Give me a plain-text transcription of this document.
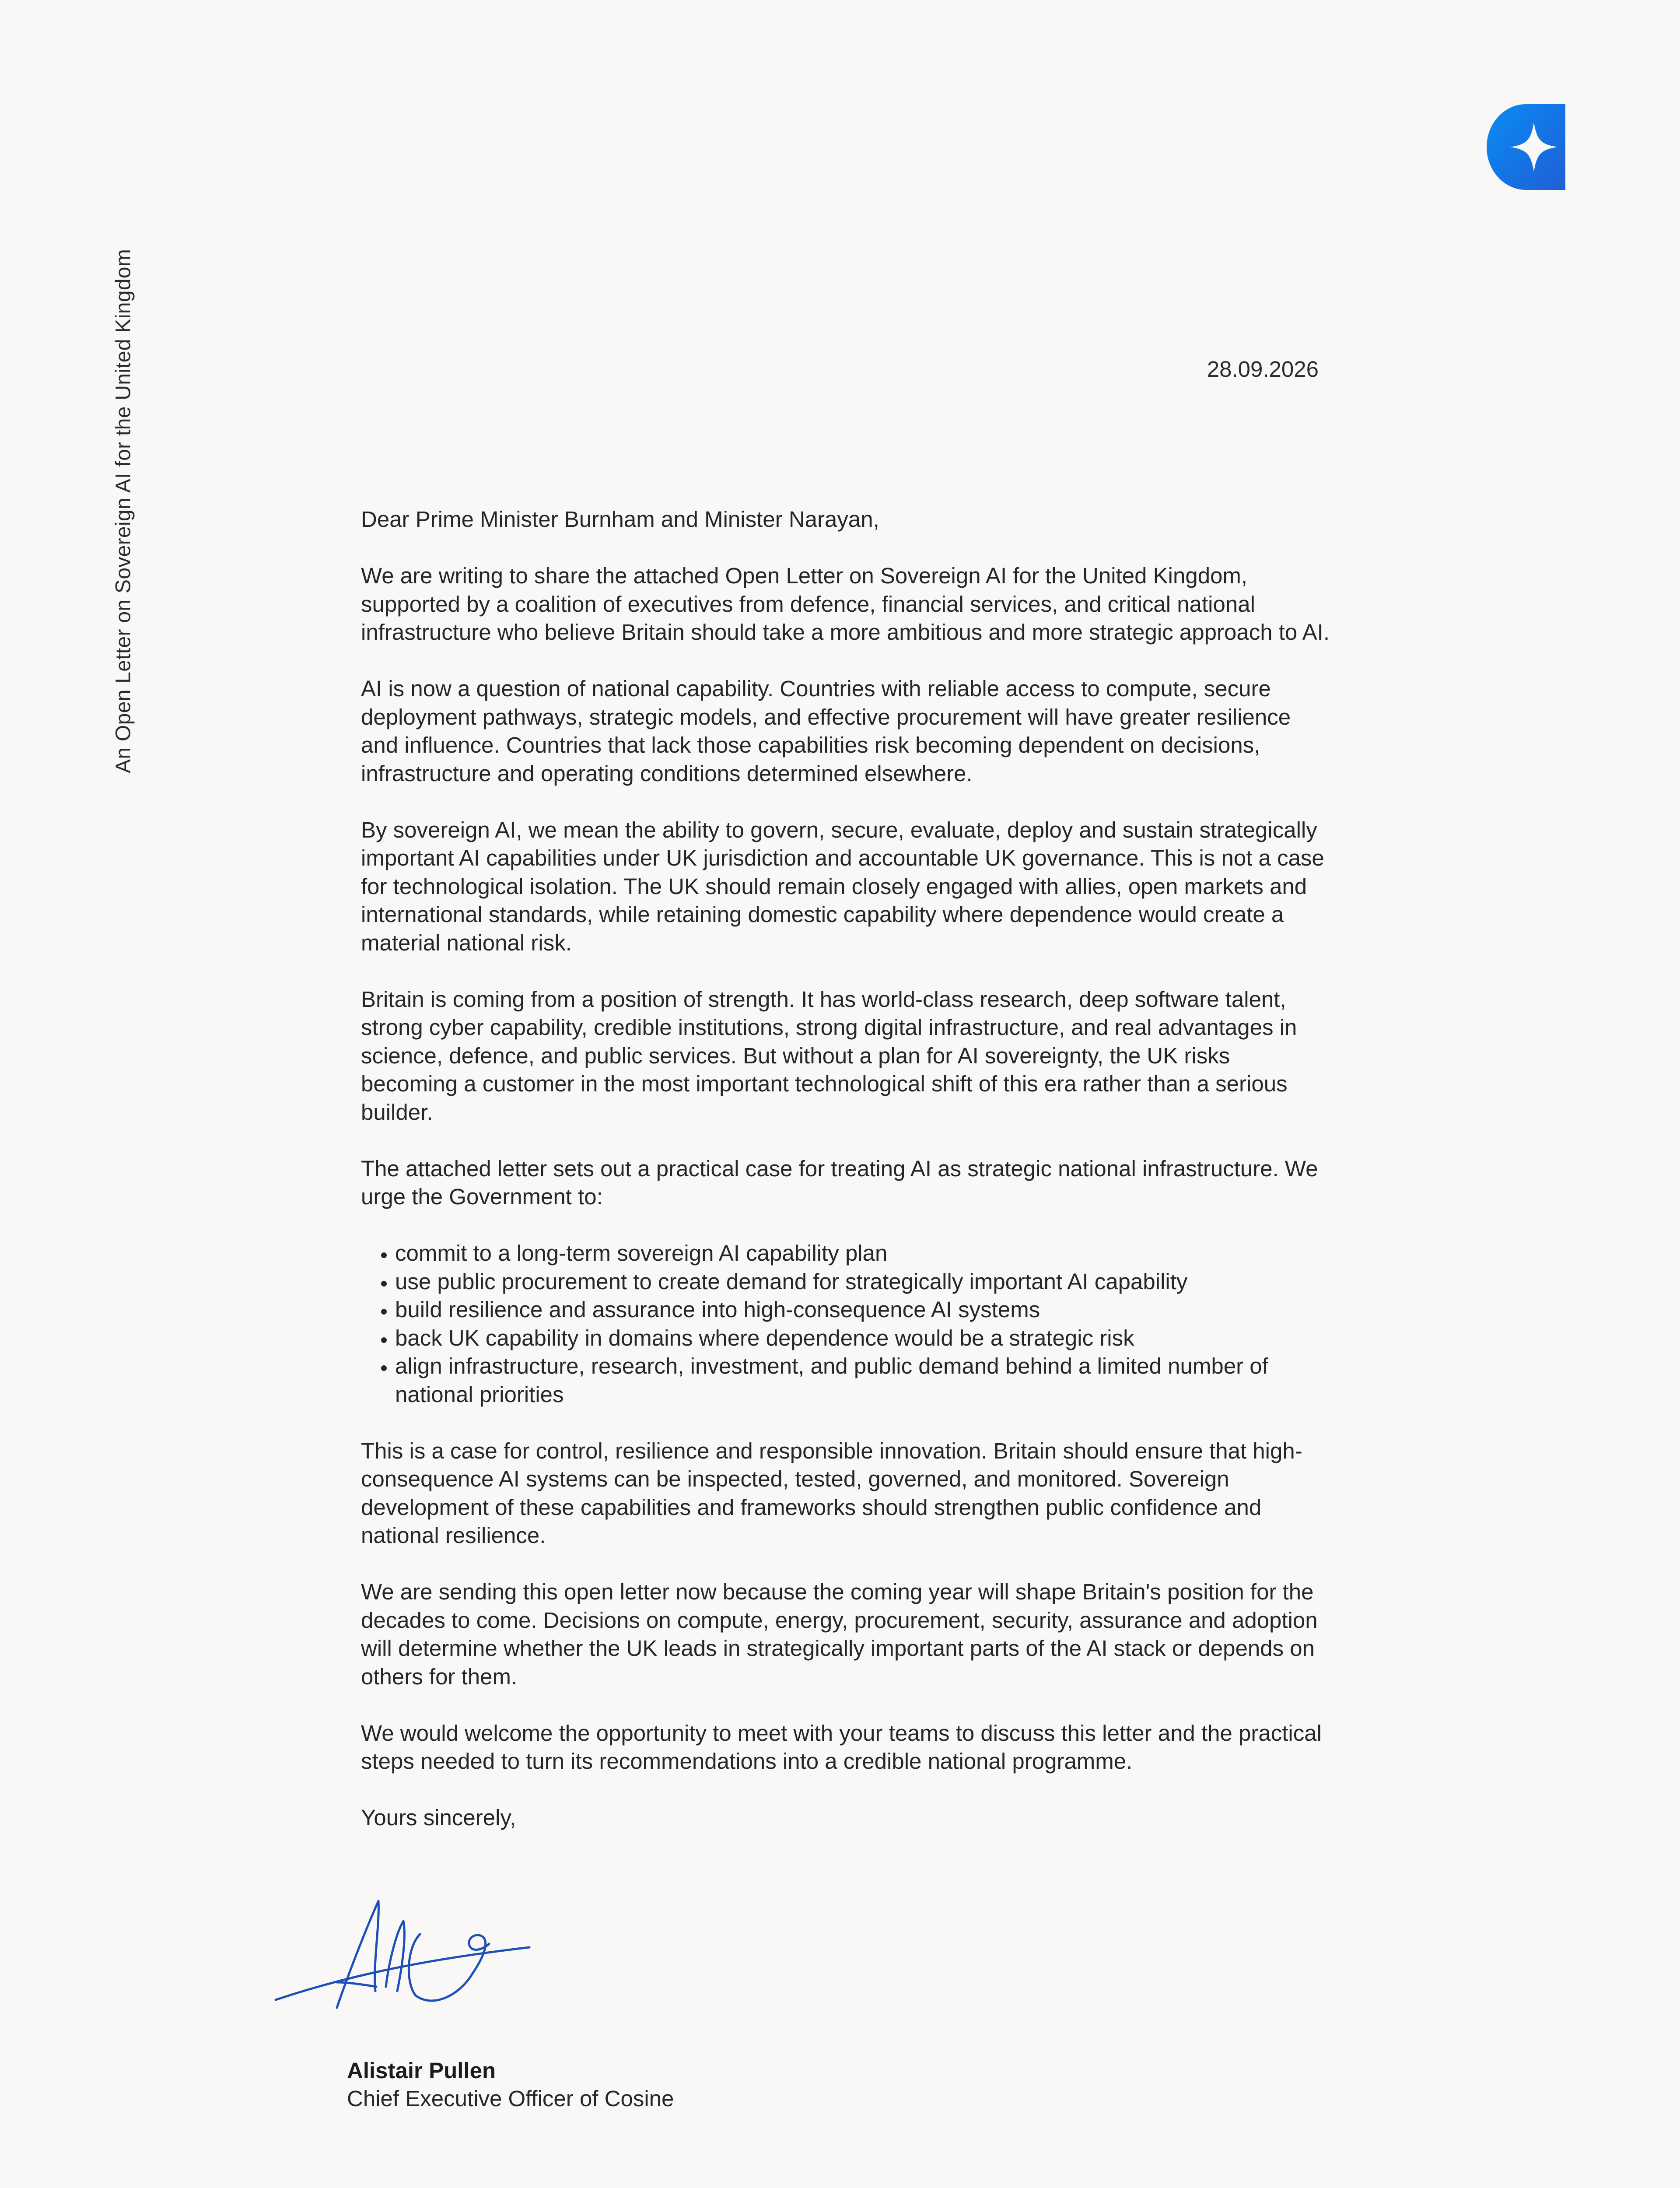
An Open Letter on Sovereign AI for the United Kingdom	28.09.2026

Dear Prime Minister Burnham and Minister Narayan,

We are writing to share the attached Open Letter on Sovereign AI for the United Kingdom, supported by a coalition of executives from defence, financial services, and critical national infrastructure who believe Britain should take a more ambitious and more strategic approach to AI.

AI is now a question of national capability. Countries with reliable access to compute, secure deployment pathways, strategic models, and effective procurement will have greater resilience and influence. Countries that lack those capabilities risk becoming dependent on decisions, infrastructure and operating conditions determined elsewhere.

By sovereign AI, we mean the ability to govern, secure, evaluate, deploy and sustain strategically important AI capabilities under UK jurisdiction and accountable UK governance. This is not a case for technological isolation. The UK should remain closely engaged with allies, open markets and international standards, while retaining domestic capability where dependence would create a material national risk.

Britain is coming from a position of strength. It has world-class research, deep software talent, strong cyber capability, credible institutions, strong digital infrastructure, and real advantages in science, defence, and public services. But without a plan for AI sovereignty, the UK risks becoming a customer in the most important technological shift of this era rather than a serious builder.

The attached letter sets out a practical case for treating AI as strategic national infrastructure. We urge the Government to:

• commit to a long-term sovereign AI capability plan
• use public procurement to create demand for strategically important AI capability
• build resilience and assurance into high-consequence AI systems
• back UK capability in domains where dependence would be a strategic risk
• align infrastructure, research, investment, and public demand behind a limited number of national priorities

This is a case for control, resilience and responsible innovation. Britain should ensure that high-consequence AI systems can be inspected, tested, governed, and monitored. Sovereign development of these capabilities and frameworks should strengthen public confidence and national resilience.

We are sending this open letter now because the coming year will shape Britain's position for the decades to come. Decisions on compute, energy, procurement, security, assurance and adoption will determine whether the UK leads in strategically important parts of the AI stack or depends on others for them.

We would welcome the opportunity to meet with your teams to discuss this letter and the practical steps needed to turn its recommendations into a credible national programme.

Yours sincerely,

Alistair Pullen
Chief Executive Officer of Cosine
